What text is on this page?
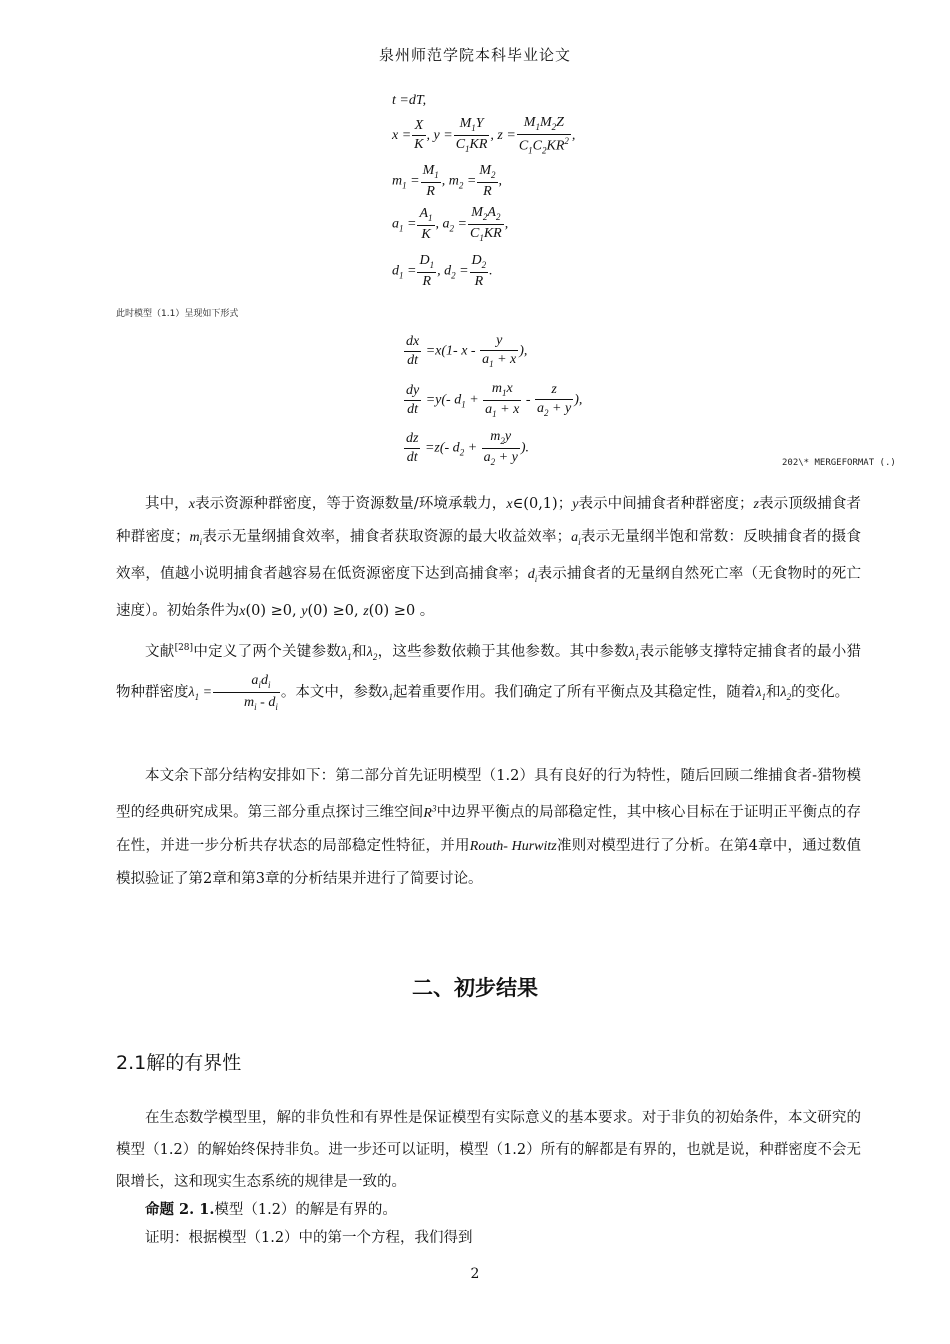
泉州师范学院本科毕业论文
t =dT,
$x = \frac{X}{K}$ , $y = \frac{M_1Y}{C_1KR}$ , $z = \frac{M_1M_2Z}{C_1C_2KR^2}$ ,
$m_1 = \frac{M_1}{R}$ , $m_2 = \frac{M_2}{R}$ ,
$a_1 = \frac{A_1}{K}$ , $a_2 = \frac{M_2A_2}{C_1KR}$ ,
$d_1 = \frac{D_1}{R}$ , $d_2 = \frac{D_2}{R}$ .
此时模型（1.1）呈现如下形式
$\frac{dx}{dt} =x(1-$ x - $\frac{y}{a_1 + x}$ ),
$\frac{dy}{dt} =y(-$ $d_1 + \frac{m_1x}{a_1 + x} - \frac{z}{a_2 + y}$ ),
$\frac{dz}{dt} =z(-$ $d_2 + \frac{m_2y}{a_2 + y}$ ).
202\* MERGEFORMAT (.)

其中，x表示资源种群密度，等于资源数量/环境承载力，x∈(0,1)；y表示中间捕食者种群密度；z表示顶级捕食者种群密度；$m_i$表示无量纲捕食效率，捕食者获取资源的最大收益效率；$a_i$表示无量纲半饱和常数：反映捕食者的摄食效率，值越小说明捕食者越容易在低资源密度下达到高捕食率；$d_i$表示捕食者的无量纲自然死亡率（无食物时的死亡速度）。初始条件为x(0) ≥0, y(0) ≥0, z(0) ≥0 。

文献[28]中定义了两个关键参数$\lambda_1$和$\lambda_2$，这些参数依赖于其他参数。其中参数$\lambda_1$表示能够支撑特定捕食者的最小猎物种群密度$\lambda_1 = \frac{a_id_i}{m_i - d_i}$ 。本文中，参数$\lambda_1$起着重要作用。我们确定了所有平衡点及其稳定性，随着$\lambda_1$和$\lambda_2$的变化。

本文余下部分结构安排如下：第二部分首先证明模型（1.2）具有良好的行为特性，随后回顾二维捕食者-猎物模型的经典研究成果。第三部分重点探讨三维空间$R^3$中边界平衡点的局部稳定性，其中核心目标在于证明正平衡点的存在性，并进一步分析共存状态的局部稳定性特征，并用Routh- Hurwitz准则对模型进行了分析。在第4章中，通过数值模拟验证了第2章和第3章的分析结果并进行了简要讨论。

二、初步结果
2.1解的有界性

在生态数学模型里，解的非负性和有界性是保证模型有实际意义的基本要求。对于非负的初始条件，本文研究的模型（1.2）的解始终保持非负。进一步还可以证明，模型（1.2）所有的解都是有界的，也就是说，种群密度不会无限增长，这和现实生态系统的规律是一致的。

命题 2. 1.模型（1.2）的解是有界的。

证明：根据模型（1.2）中的第一个方程，我们得到

2
